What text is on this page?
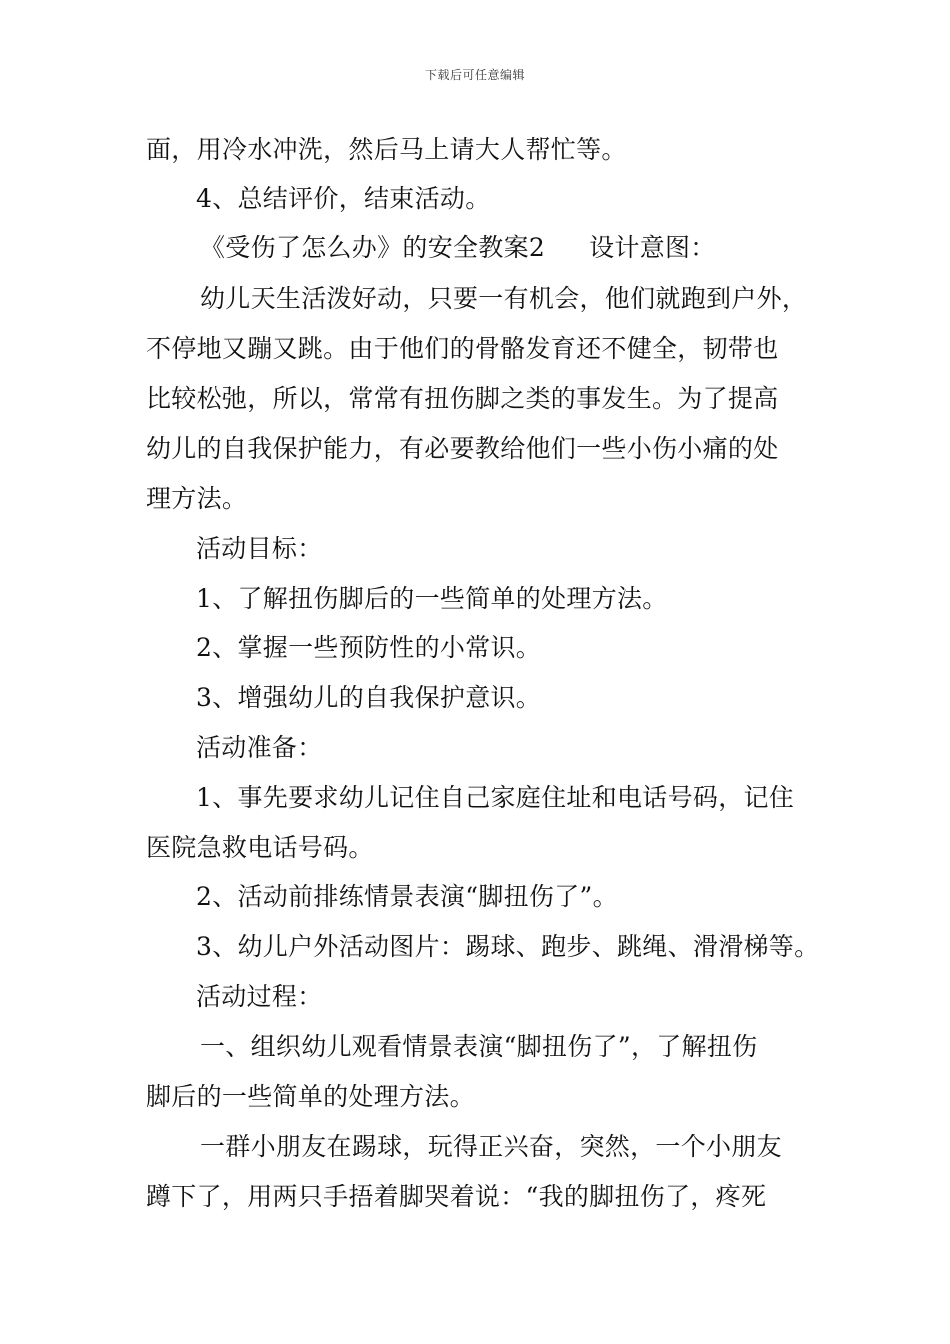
下载后可任意编辑
面，用冷水冲洗，然后马上请大人帮忙等。
4、总结评价，结束活动。
《受伤了怎么办》的安全教案2 设计意图：
幼儿天生活泼好动，只要一有机会，他们就跑到户外，
不停地又蹦又跳。由于他们的骨骼发育还不健全，韧带也
比较松弛，所以，常常有扭伤脚之类的事发生。为了提高
幼儿的自我保护能力，有必要教给他们一些小伤小痛的处
理方法。
活动目标：
1、了解扭伤脚后的一些简单的处理方法。
2、掌握一些预防性的小常识。
3、增强幼儿的自我保护意识。
活动准备：
1、事先要求幼儿记住自己家庭住址和电话号码，记住
医院急救电话号码。
2、活动前排练情景表演“脚扭伤了”。
3、幼儿户外活动图片：踢球、跑步、跳绳、滑滑梯等。
活动过程：
一、组织幼儿观看情景表演“脚扭伤了”，了解扭伤
脚后的一些简单的处理方法。
一群小朋友在踢球，玩得正兴奋，突然，一个小朋友
蹲下了，用两只手捂着脚哭着说：“我的脚扭伤了，疼死
